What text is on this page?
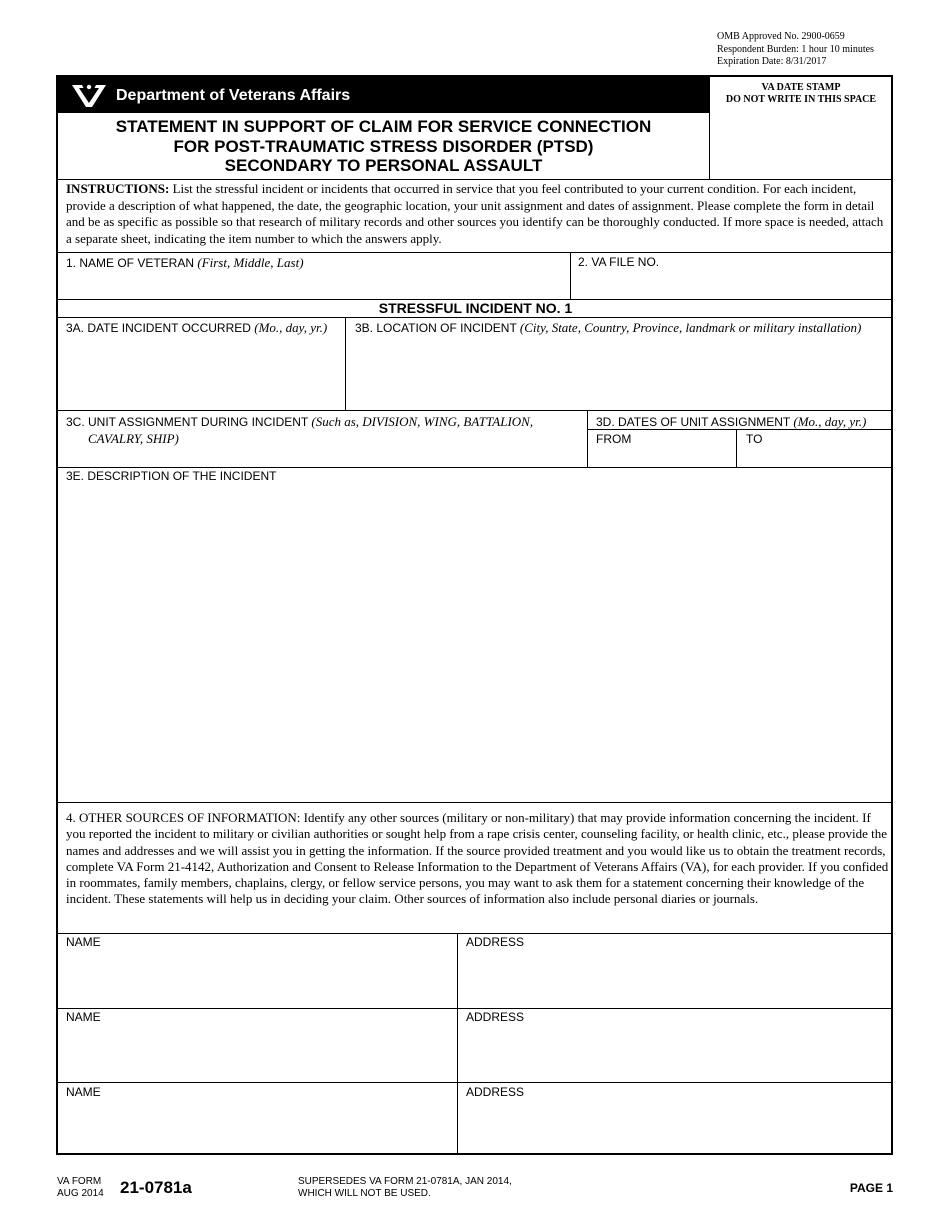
OMB Approved No. 2900-0659
Respondent Burden: 1 hour 10 minutes
Expiration Date: 8/31/2017
Department of Veterans Affairs
STATEMENT IN SUPPORT OF CLAIM FOR SERVICE CONNECTION
FOR POST-TRAUMATIC STRESS DISORDER (PTSD)
SECONDARY TO PERSONAL ASSAULT
VA DATE STAMP
DO NOT WRITE IN THIS SPACE
INSTRUCTIONS: List the stressful incident or incidents that occurred in service that you feel contributed to your current condition. For each incident, provide a description of what happened, the date, the geographic location, your unit assignment and dates of assignment. Please complete the form in detail and be as specific as possible so that research of military records and other sources you identify can be thoroughly conducted. If more space is needed, attach a separate sheet, indicating the item number to which the answers apply.
1. NAME OF VETERAN (First, Middle, Last)	2. VA FILE NO.
STRESSFUL INCIDENT NO. 1
3A. DATE INCIDENT OCCURRED (Mo., day, yr.) 3B. LOCATION OF INCIDENT (City, State, Country, Province, landmark or military installation)
3C. UNIT ASSIGNMENT DURING INCIDENT (Such as, DIVISION, WING, BATTALION,
CAVALRY, SHIP)
3D. DATES OF UNIT ASSIGNMENT (Mo., day, yr.)
FROM	TO
3E. DESCRIPTION OF THE INCIDENT
4. OTHER SOURCES OF INFORMATION: Identify any other sources (military or non-military) that may provide information concerning the incident. If you reported the incident to military or civilian authorities or sought help from a rape crisis center, counseling facility, or health clinic, etc., please provide the names and addresses and we will assist you in getting the information. If the source provided treatment and you would like us to obtain the treatment records, complete VA Form 21-4142, Authorization and Consent to Release Information to the Department of Veterans Affairs (VA), for each provider. If you confided in roommates, family members, chaplains, clergy, or fellow service persons, you may want to ask them for a statement concerning their knowledge of the incident. These statements will help us in deciding your claim. Other sources of information also include personal diaries or journals.
NAME	ADDRESS
NAME	ADDRESS
NAME	ADDRESS
VA FORM
AUG 2014 21-0781a	SUPERSEDES VA FORM 21-0781A, JAN 2014,
WHICH WILL NOT BE USED.	PAGE 1
